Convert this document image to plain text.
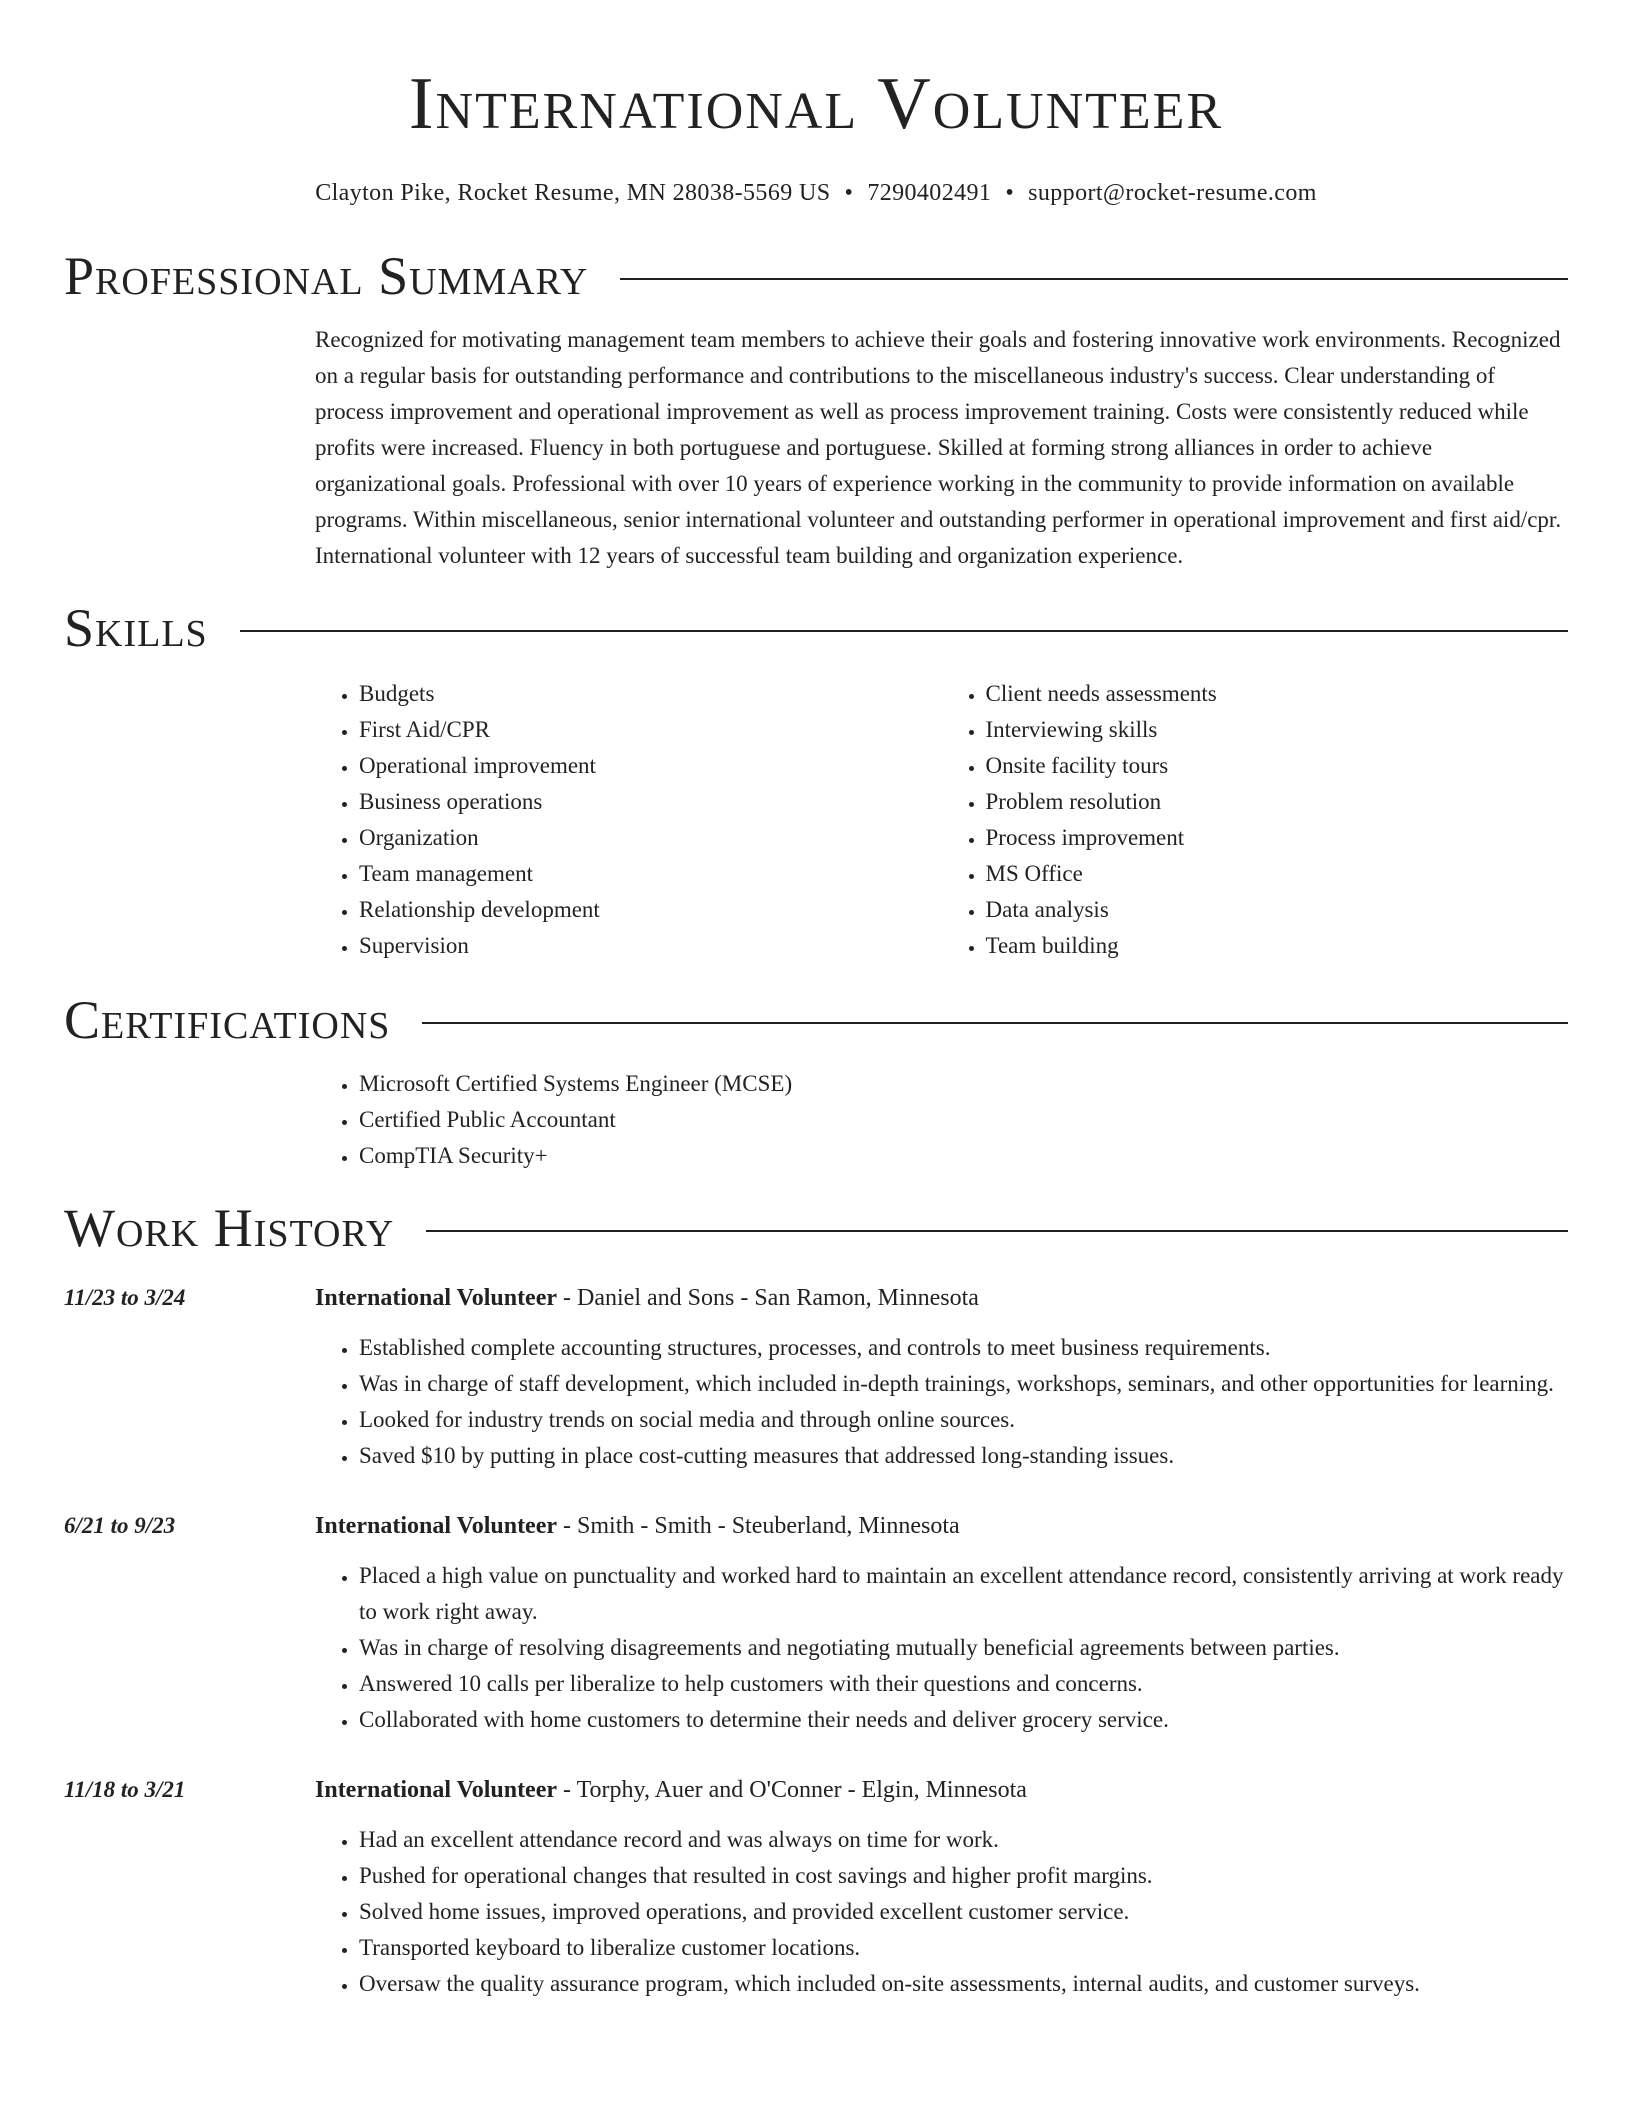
International Volunteer
Clayton Pike, Rocket Resume, MN 28038-5569 US • 7290402491 • support@rocket-resume.com
Professional Summary

Recognized for motivating management team members to achieve their goals and fostering innovative work environments. Recognized on a regular basis for outstanding performance and contributions to the miscellaneous industry's success. Clear understanding of process improvement and operational improvement as well as process improvement training. Costs were consistently reduced while profits were increased. Fluency in both portuguese and portuguese. Skilled at forming strong alliances in order to achieve organizational goals. Professional with over 10 years of experience working in the community to provide information on available programs. Within miscellaneous, senior international volunteer and outstanding performer in operational improvement and first aid/cpr. International volunteer with 12 years of successful team building and organization experience.

Skills
• Budgets
• First Aid/CPR
• Operational improvement
• Business operations
• Organization
• Team management
• Relationship development
• Supervision
• Client needs assessments
• Interviewing skills
• Onsite facility tours
• Problem resolution
• Process improvement
• MS Office
• Data analysis
• Team building
Certifications
• Microsoft Certified Systems Engineer (MCSE)
• Certified Public Accountant
• CompTIA Security+
Work History
11/23 to 3/24	International Volunteer - Daniel and Sons - San Ramon, Minnesota
• Established complete accounting structures, processes, and controls to meet business requirements.
• Was in charge of staff development, which included in-depth trainings, workshops, seminars, and other opportunities for learning.
• Looked for industry trends on social media and through online sources.
• Saved $10 by putting in place cost-cutting measures that addressed long-standing issues.
6/21 to 9/23	International Volunteer - Smith - Smith - Steuberland, Minnesota
• Placed a high value on punctuality and worked hard to maintain an excellent attendance record, consistently arriving at work ready to work right away.
• Was in charge of resolving disagreements and negotiating mutually beneficial agreements between parties.
• Answered 10 calls per liberalize to help customers with their questions and concerns.
• Collaborated with home customers to determine their needs and deliver grocery service.
11/18 to 3/21	International Volunteer - Torphy, Auer and O'Conner - Elgin, Minnesota
• Had an excellent attendance record and was always on time for work.
• Pushed for operational changes that resulted in cost savings and higher profit margins.
• Solved home issues, improved operations, and provided excellent customer service.
• Transported keyboard to liberalize customer locations.
• Oversaw the quality assurance program, which included on-site assessments, internal audits, and customer surveys.
